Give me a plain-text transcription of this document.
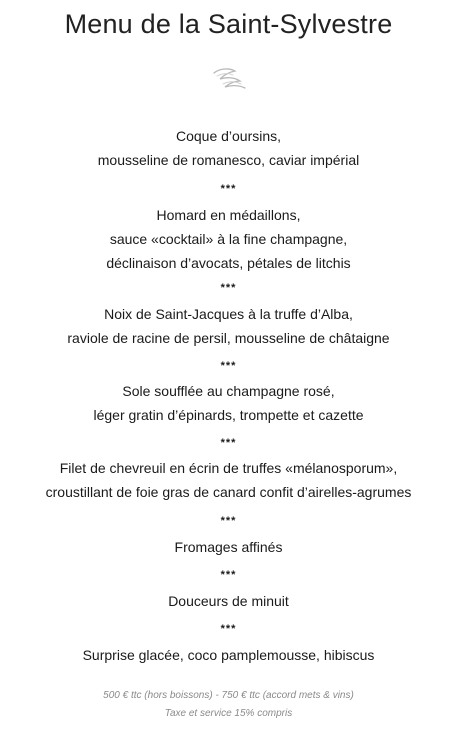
Menu de la Saint-Sylvestre
Coque d’oursins,
mousseline de romanesco, caviar impérial
***
Homard en médaillons,
sauce «cocktail» à la fine champagne,
déclinaison d’avocats, pétales de litchis
***
Noix de Saint-Jacques à la truffe d’Alba,
raviole de racine de persil, mousseline de châtaigne
***
Sole soufflée au champagne rosé,
léger gratin d’épinards, trompette et cazette
***
Filet de chevreuil en écrin de truffes «mélanosporum»,
croustillant de foie gras de canard confit d’airelles-agrumes
***
Fromages affinés
***
Douceurs de minuit
***
Surprise glacée, coco pamplemousse, hibiscus
500 € ttc (hors boissons) - 750 € ttc (accord mets & vins)
Taxe et service 15% compris
